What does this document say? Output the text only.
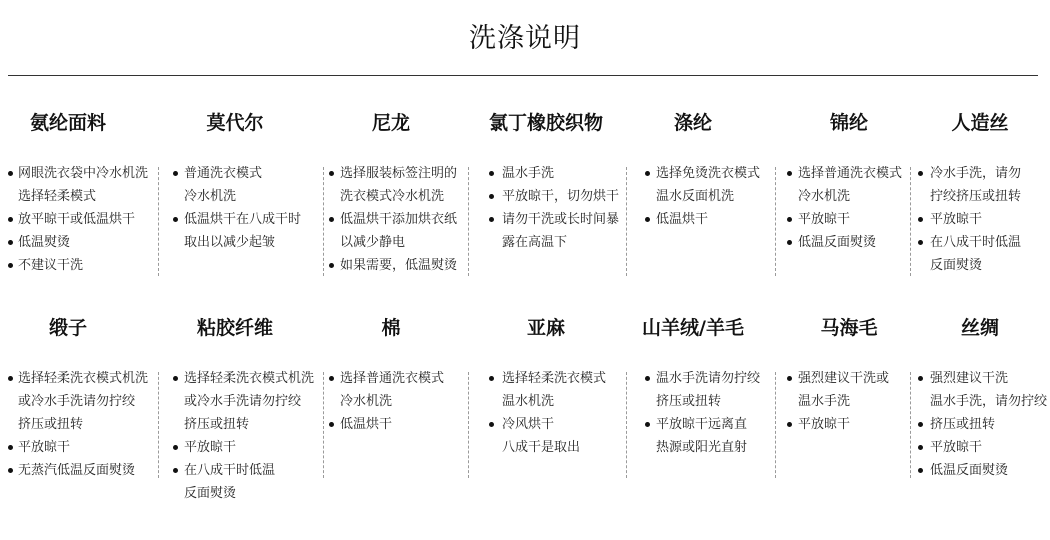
洗涤说明
氨纶面料
网眼洗衣袋中冷水机洗
选择轻柔模式
放平晾干或低温烘干
低温熨烫
不建议干洗
莫代尔
普通洗衣模式
冷水机洗
低温烘干在八成干时
取出以减少起皱
尼龙
选择服装标签注明的
洗衣模式冷水机洗
低温烘干添加烘衣纸
以减少静电
如果需要，低温熨烫
氯丁橡胶织物
温水手洗
平放晾干，切勿烘干
请勿干洗或长时间暴
露在高温下
涤纶
选择免烫洗衣模式
温水反面机洗
低温烘干
锦纶
选择普通洗衣模式
冷水机洗
平放晾干
低温反面熨烫
人造丝
冷水手洗，请勿
拧绞挤压或扭转
平放晾干
在八成干时低温
反面熨烫
缎子
选择轻柔洗衣模式机洗
或冷水手洗请勿拧绞
挤压或扭转
平放晾干
无蒸汽低温反面熨烫
粘胶纤维
选择轻柔洗衣模式机洗
或冷水手洗请勿拧绞
挤压或扭转
平放晾干
在八成干时低温
反面熨烫
棉
选择普通洗衣模式
冷水机洗
低温烘干
亚麻
选择轻柔洗衣模式
温水机洗
冷风烘干
八成干是取出
山羊绒/羊毛
温水手洗请勿拧绞
挤压或扭转
平放晾干远离直
热源或阳光直射
马海毛
强烈建议干洗或
温水手洗
平放晾干
丝绸
强烈建议干洗
温水手洗，请勿拧绞
挤压或扭转
平放晾干
低温反面熨烫
